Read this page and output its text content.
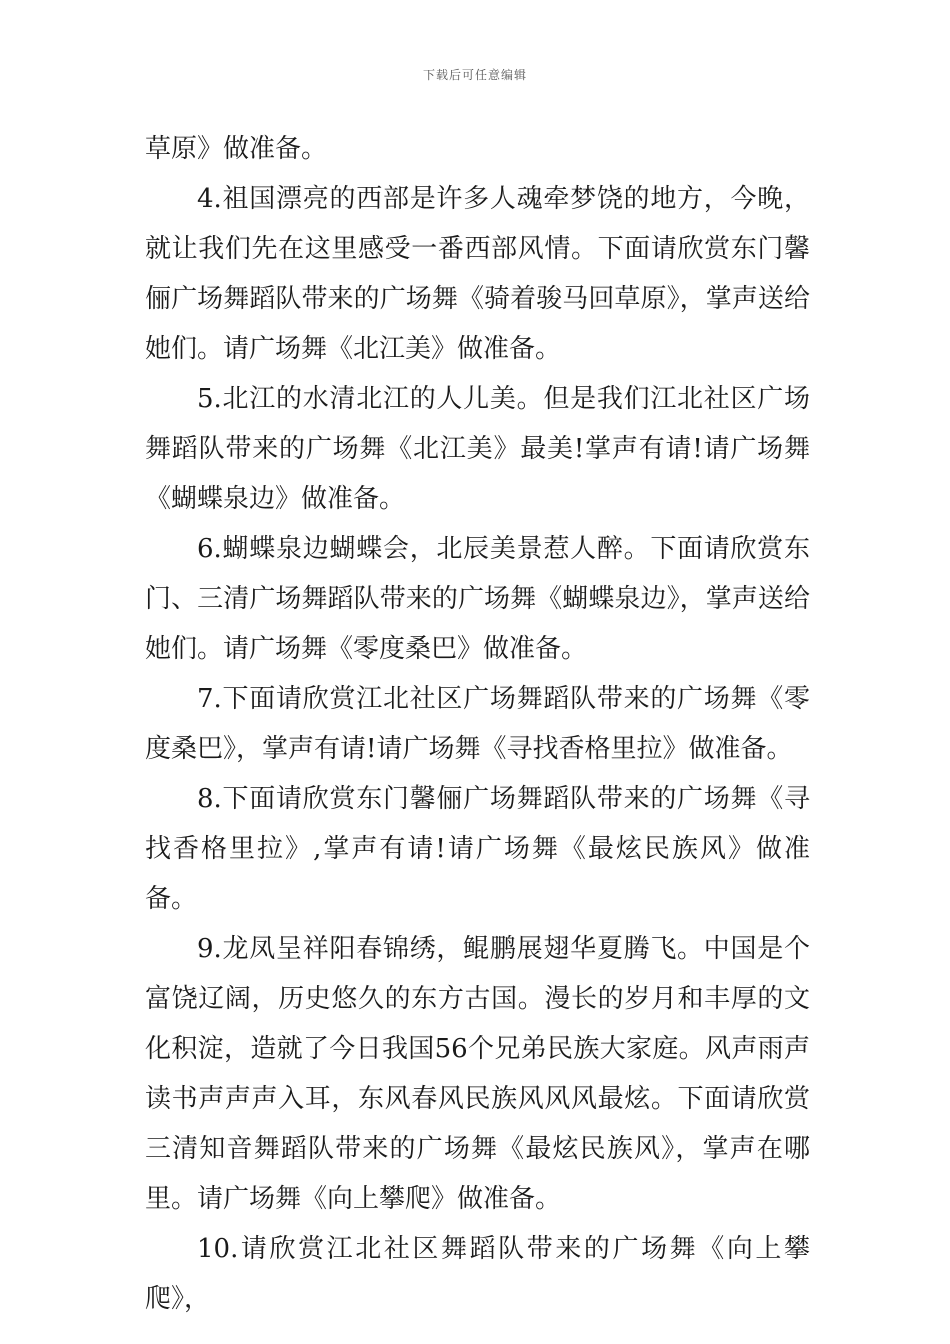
下载后可任意编辑

草原》做准备。

4.祖国漂亮的西部是许多人魂牵梦饶的地方，今晚，就让我们先在这里感受一番西部风情。下面请欣赏东门馨俪广场舞蹈队带来的广场舞《骑着骏马回草原》，掌声送给她们。请广场舞《北江美》做准备。

5.北江的水清北江的人儿美。但是我们江北社区广场舞蹈队带来的广场舞《北江美》最美!掌声有请!请广场舞《蝴蝶泉边》做准备。

6.蝴蝶泉边蝴蝶会，北辰美景惹人醉。下面请欣赏东门、三清广场舞蹈队带来的广场舞《蝴蝶泉边》，掌声送给她们。请广场舞《零度桑巴》做准备。

7.下面请欣赏江北社区广场舞蹈队带来的广场舞《零度桑巴》，掌声有请!请广场舞《寻找香格里拉》做准备。

8.下面请欣赏东门馨俪广场舞蹈队带来的广场舞《寻找香格里拉》,掌声有请!请广场舞《最炫民族风》做准备。

9.龙凤呈祥阳春锦绣，鲲鹏展翅华夏腾飞。中国是个富饶辽阔，历史悠久的东方古国。漫长的岁月和丰厚的文化积淀，造就了今日我国56个兄弟民族大家庭。风声雨声读书声声声入耳，东风春风民族风风风最炫。下面请欣赏三清知音舞蹈队带来的广场舞《最炫民族风》，掌声在哪里。请广场舞《向上攀爬》做准备。

10.请欣赏江北社区舞蹈队带来的广场舞《向上攀爬》，
